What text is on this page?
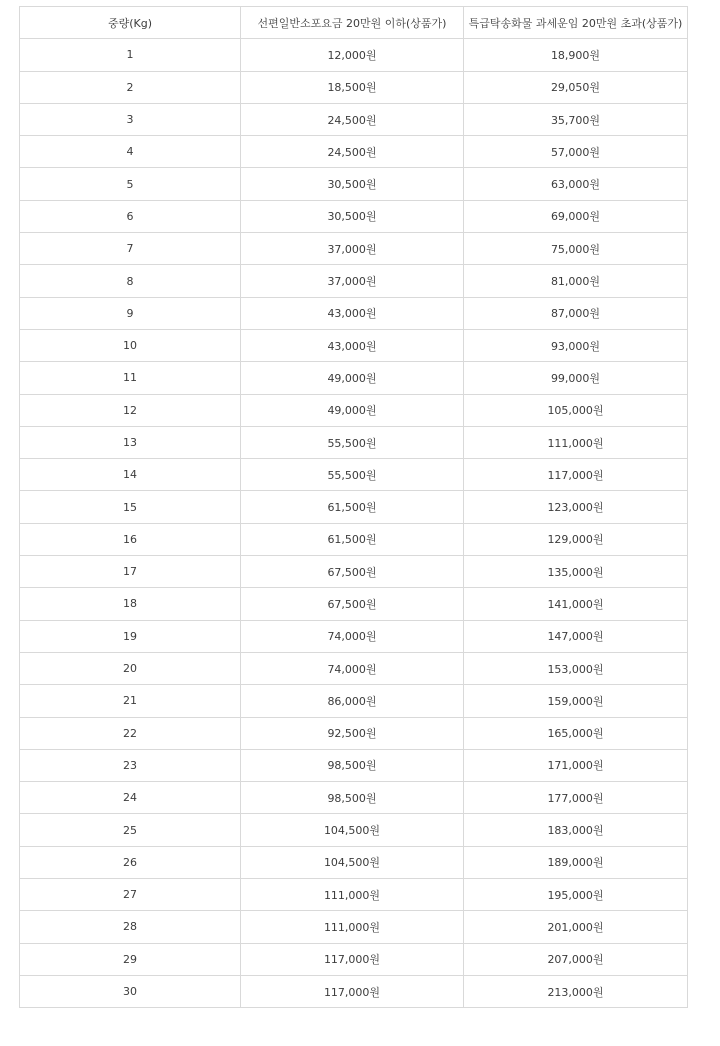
중량(Kg)	선편일반소포요금 20만원 이하(상품가)	특급탁송화물 과세운임 20만원 초과(상품가)
1	12,000원	18,900원
2	18,500원	29,050원
3	24,500원	35,700원
4	24,500원	57,000원
5	30,500원	63,000원
6	30,500원	69,000원
7	37,000원	75,000원
8	37,000원	81,000원
9	43,000원	87,000원
10	43,000원	93,000원
11	49,000원	99,000원
12	49,000원	105,000원
13	55,500원	111,000원
14	55,500원	117,000원
15	61,500원	123,000원
16	61,500원	129,000원
17	67,500원	135,000원
18	67,500원	141,000원
19	74,000원	147,000원
20	74,000원	153,000원
21	86,000원	159,000원
22	92,500원	165,000원
23	98,500원	171,000원
24	98,500원	177,000원
25	104,500원	183,000원
26	104,500원	189,000원
27	111,000원	195,000원
28	111,000원	201,000원
29	117,000원	207,000원
30	117,000원	213,000원
